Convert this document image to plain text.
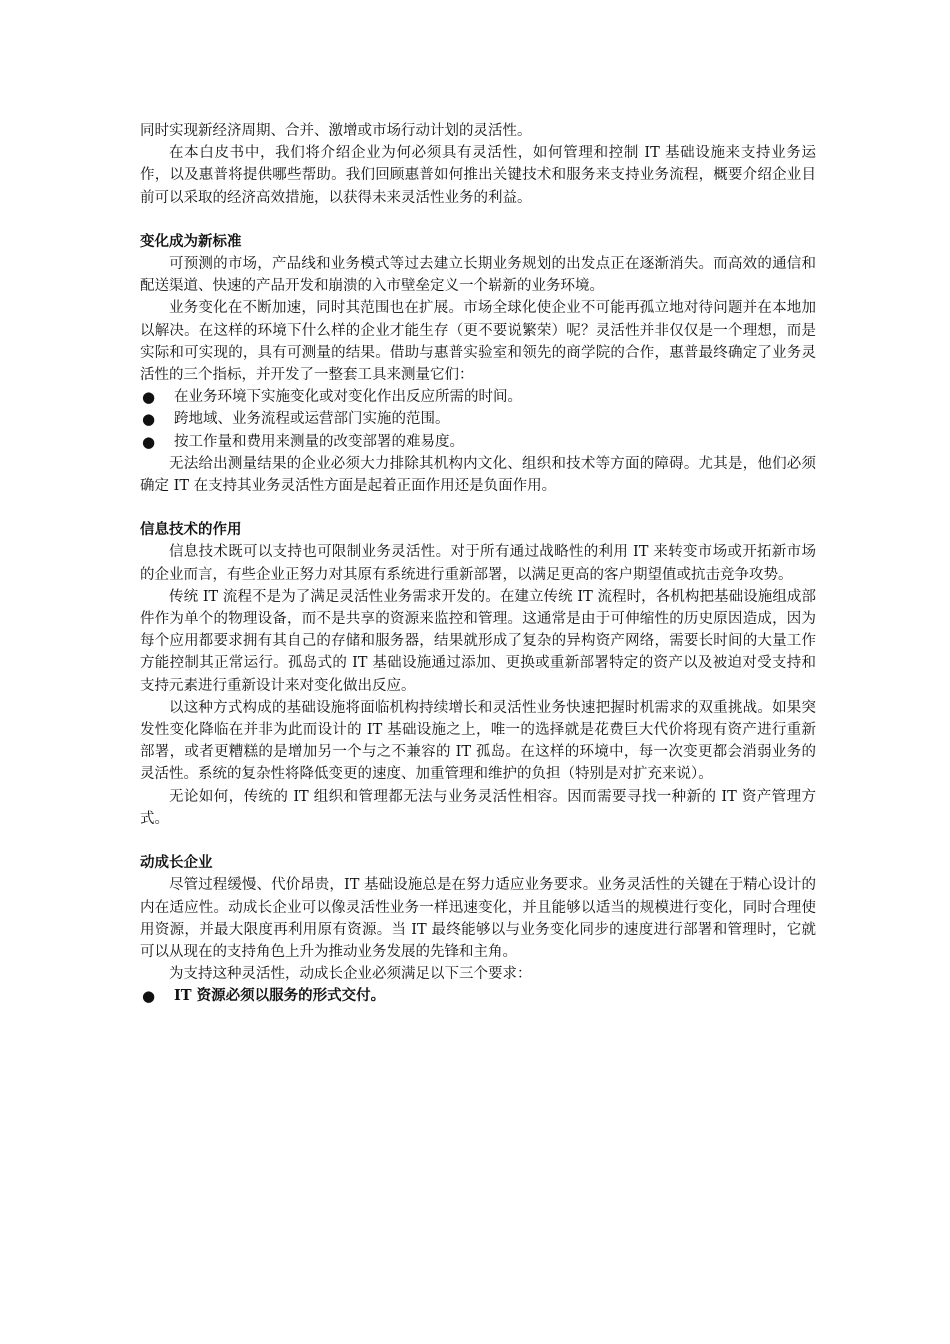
同时实现新经济周期、合并、激增或市场行动计划的灵活性。

在本白皮书中，我们将介绍企业为何必须具有灵活性，如何管理和控制 IT 基础设施来支持业务运作，以及惠普将提供哪些帮助。我们回顾惠普如何推出关键技术和服务来支持业务流程，概要介绍企业目前可以采取的经济高效措施，以获得未来灵活性业务的利益。

变化成为新标准

可预测的市场，产品线和业务模式等过去建立长期业务规划的出发点正在逐渐消失。而高效的通信和配送渠道、快速的产品开发和崩溃的入市壁垒定义一个崭新的业务环境。

业务变化在不断加速，同时其范围也在扩展。市场全球化使企业不可能再孤立地对待问题并在本地加以解决。在这样的环境下什么样的企业才能生存（更不要说繁荣）呢？灵活性并非仅仅是一个理想，而是实际和可实现的，具有可测量的结果。借助与惠普实验室和领先的商学院的合作，惠普最终确定了业务灵活性的三个指标，并开发了一整套工具来测量它们：

● 在业务环境下实施变化或对变化作出反应所需的时间。
● 跨地域、业务流程或运营部门实施的范围。
● 按工作量和费用来测量的改变部署的难易度。

无法给出测量结果的企业必须大力排除其机构内文化、组织和技术等方面的障碍。尤其是，他们必须确定 IT 在支持其业务灵活性方面是起着正面作用还是负面作用。

信息技术的作用

信息技术既可以支持也可限制业务灵活性。对于所有通过战略性的利用 IT 来转变市场或开拓新市场的企业而言，有些企业正努力对其原有系统进行重新部署，以满足更高的客户期望值或抗击竞争攻势。

传统 IT 流程不是为了满足灵活性业务需求开发的。在建立传统 IT 流程时，各机构把基础设施组成部件作为单个的物理设备，而不是共享的资源来监控和管理。这通常是由于可伸缩性的历史原因造成，因为每个应用都要求拥有其自己的存储和服务器，结果就形成了复杂的异构资产网络，需要长时间的大量工作方能控制其正常运行。孤岛式的 IT 基础设施通过添加、更换或重新部署特定的资产以及被迫对受支持和支持元素进行重新设计来对变化做出反应。

以这种方式构成的基础设施将面临机构持续增长和灵活性业务快速把握时机需求的双重挑战。如果突发性变化降临在并非为此而设计的 IT 基础设施之上，唯一的选择就是花费巨大代价将现有资产进行重新部署，或者更糟糕的是增加另一个与之不兼容的 IT 孤岛。在这样的环境中，每一次变更都会消弱业务的灵活性。系统的复杂性将降低变更的速度、加重管理和维护的负担（特别是对扩充来说）。

无论如何，传统的 IT 组织和管理都无法与业务灵活性相容。因而需要寻找一种新的 IT 资产管理方式。

动成长企业

尽管过程缓慢、代价昂贵，IT 基础设施总是在努力适应业务要求。业务灵活性的关键在于精心设计的内在适应性。动成长企业可以像灵活性业务一样迅速变化，并且能够以适当的规模进行变化，同时合理使用资源，并最大限度再利用原有资源。当 IT 最终能够以与业务变化同步的速度进行部署和管理时，它就可以从现在的支持角色上升为推动业务发展的先锋和主角。

为支持这种灵活性，动成长企业必须满足以下三个要求：

● IT 资源必须以服务的形式交付。
